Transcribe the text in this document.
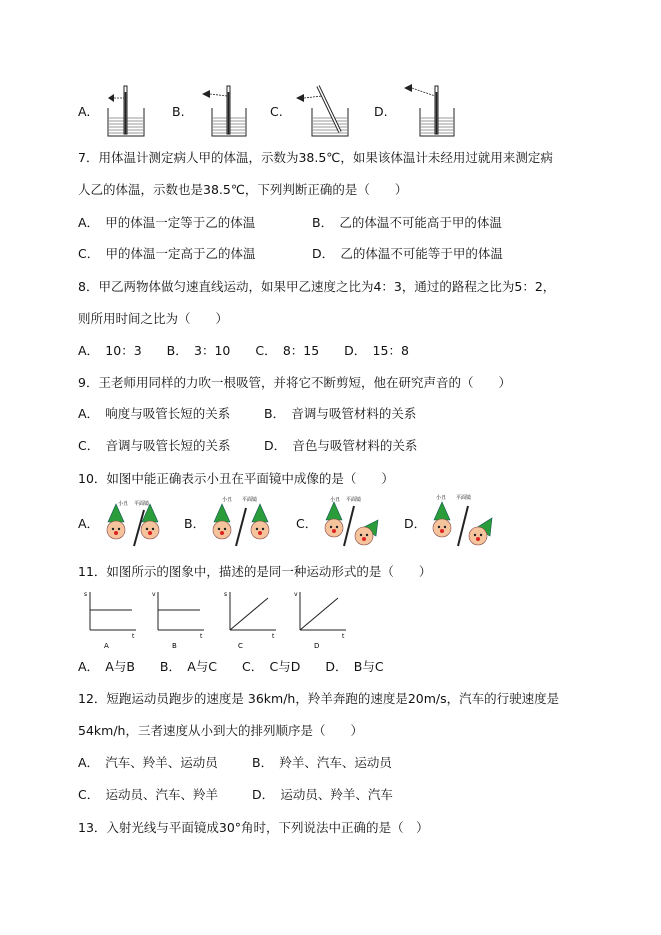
A.	B.	C.	D.
7．用体温计测定病人甲的体温，示数为38.5℃，如果该体温计未经用过就用来测定病
人乙的体温，示数也是38.5℃，下列判断正确的是（　　）
A．　甲的体温一定等于乙的体温	B．　乙的体温不可能高于甲的体温
C．　甲的体温一定高于乙的体温	D．　乙的体温不可能等于甲的体温
8．甲乙两物体做匀速直线运动，如果甲乙速度之比为4：3，通过的路程之比为5：2，
则所用时间之比为（　　）
A．　10：3　　B．　3：10　　C．　8：15　　D．　15：8
9．王老师用同样的力吹一根吸管，并将它不断剪短，他在研究声音的（　　）
A．　响度与吸管长短的关系	B．　音调与吸管材料的关系
C．　音调与吸管长短的关系	D．　音色与吸管材料的关系
10．如图中能正确表示小丑在平面镜中成像的是（　　）
A．
小丑 平面镜
B．
小丑 平面镜
C．
小丑 平面镜
D．
小丑 平面镜
11．如图所示的图象中，描述的是同一种运动形式的是（　　）
s
t
A
v
t
B
s
t
C
v
t
D
A．　A与B　　B．　A与C　　C．　C与D　　D．　B与C
12．短跑运动员跑步的速度是 36km/h，羚羊奔跑的速度是20m/s，汽车的行驶速度是
54km/h，三者速度从小到大的排列顺序是（　　）
A．　汽车、羚羊、运动员	B．　羚羊、汽车、运动员
C．　运动员、汽车、羚羊	D．　运动员、羚羊、汽车
13．入射光线与平面镜成30°角时，下列说法中正确的是（　）
